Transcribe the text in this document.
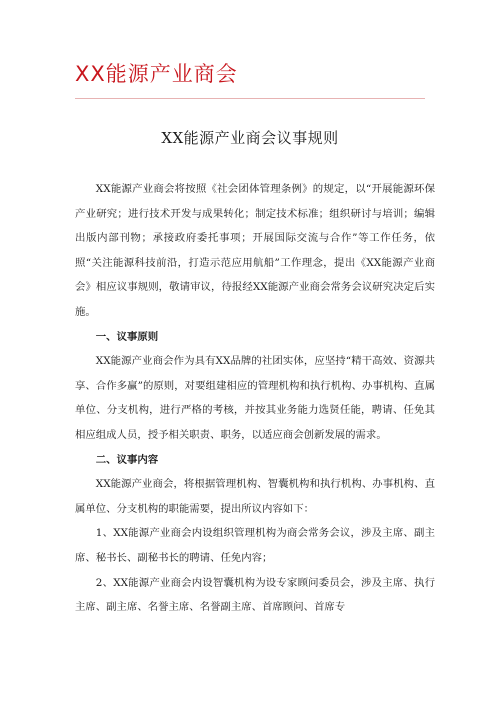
XX能源产业商会
XX能源产业商会议事规则

XX能源产业商会将按照《社会团体管理条例》的规定，以“开展能源环保产业研究；进行技术开发与成果转化；制定技术标准；组织研讨与培训；编辑出版内部刊物；承接政府委托事项；开展国际交流与合作”等工作任务，依照“关注能源科技前沿，打造示范应用航船”工作理念，提出《XX能源产业商会》相应议事规则，敬请审议，待报经XX能源产业商会常务会议研究决定后实施。

一、议事原则

XX能源产业商会作为具有XX品牌的社团实体，应坚持“精干高效、资源共享、合作多赢”的原则，对要组建相应的管理机构和执行机构、办事机构、直属单位、分支机构，进行严格的考核，并按其业务能力选贤任能，聘请、任免其相应组成人员，授予相关职责、职务，以适应商会创新发展的需求。

二、议事内容

XX能源产业商会，将根据管理机构、智囊机构和执行机构、办事机构、直属单位、分支机构的职能需要，提出所议内容如下：

1、XX能源产业商会内设组织管理机构为商会常务会议，涉及主席、副主席、秘书长、副秘书长的聘请、任免内容；

2、XX能源产业商会内设智囊机构为设专家顾问委员会，涉及主席、执行主席、副主席、名誉主席、名誉副主席、首席顾问、首席专
